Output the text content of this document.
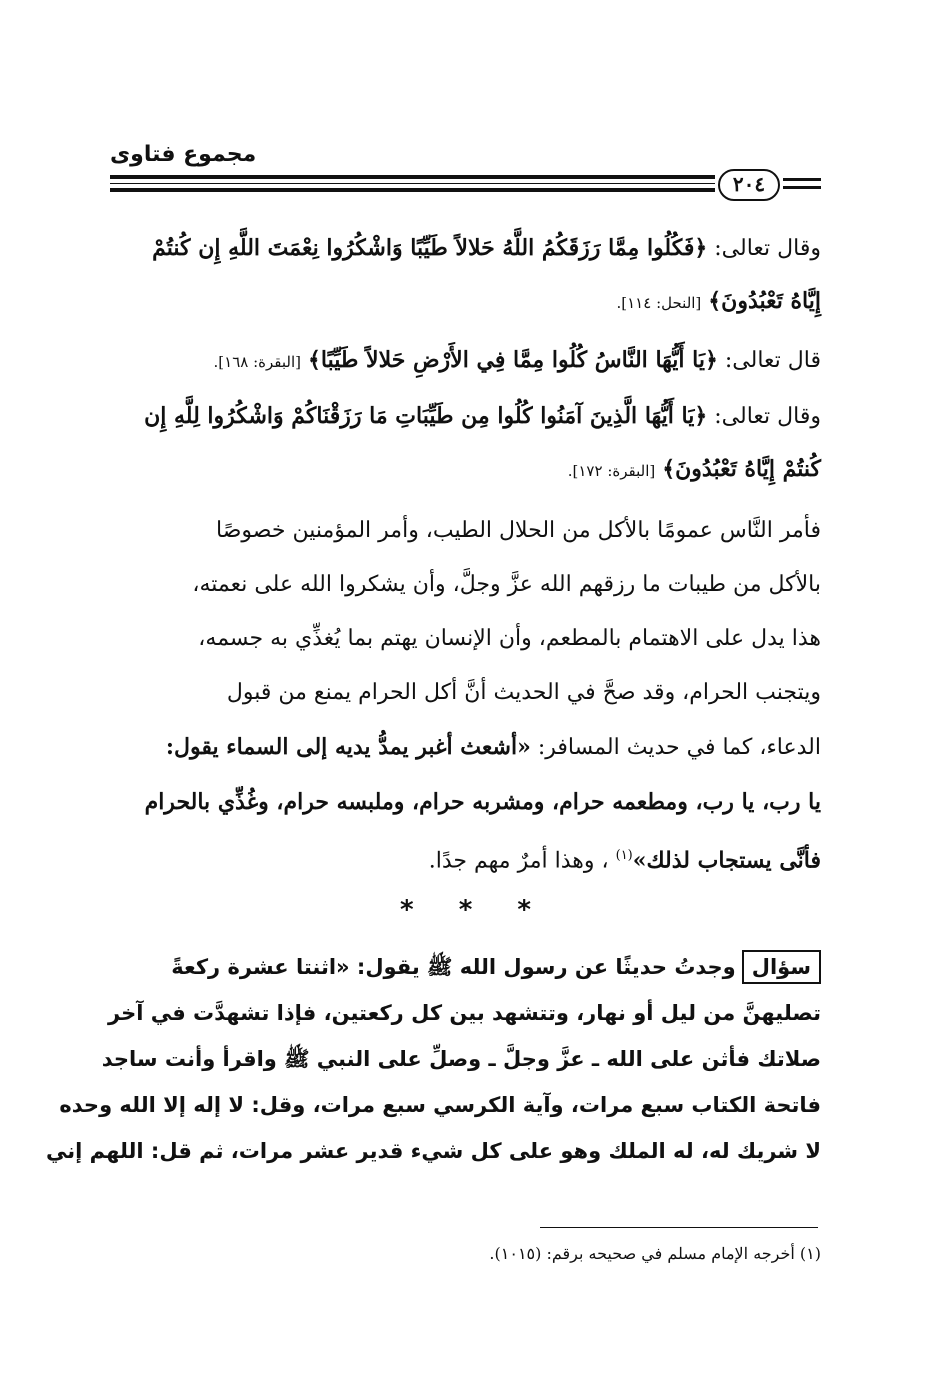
مجموع فتاوى
٢٠٤
وقال تعالى: ﴿فَكُلُوا مِمَّا رَزَقَكُمُ اللَّهُ حَلالاً طَيِّبًا وَاشْكُرُوا نِعْمَتَ اللَّهِ إِن كُنتُمْ
إِيَّاهُ تَعْبُدُونَ﴾ [النحل: ١١٤].
قال تعالى: ﴿يَا أَيُّهَا النَّاسُ كُلُوا مِمَّا فِي الأَرْضِ حَلالاً طَيِّبًا﴾ [البقرة: ١٦٨].
وقال تعالى: ﴿يَا أَيُّهَا الَّذِينَ آمَنُوا كُلُوا مِن طَيِّبَاتِ مَا رَزَقْنَاكُمْ وَاشْكُرُوا لِلَّهِ إِن
كُنتُمْ إِيَّاهُ تَعْبُدُونَ﴾ [البقرة: ١٧٢].
فأمر النَّاس عمومًا بالأكل من الحلال الطيب، وأمر المؤمنين خصوصًا
بالأكل من طيبات ما رزقهم الله عزَّ وجلَّ، وأن يشكروا الله على نعمته،
هذا يدل على الاهتمام بالمطعم، وأن الإنسان يهتم بما يُغذِّي به جسمه،
ويتجنب الحرام، وقد صحَّ في الحديث أنَّ أكل الحرام يمنع من قبول
الدعاء، كما في حديث المسافر: «أشعث أغبر يمدُّ يديه إلى السماء يقول:
يا رب، يا رب، ومطعمه حرام، ومشربه حرام، وملبسه حرام، وغُذِّي بالحرام
فأنَّى يستجاب لذلك»$^{(١)}$ ، وهذا أمرٌ مهم جدًا.
* * *
سؤالوجدتُ حديثًا عن رسول الله ﷺ يقول: «اثنتا عشرة ركعةً
تصليهنَّ من ليل أو نهار، وتتشهد بين كل ركعتين، فإذا تشهدَّت في آخر
صلاتك فأثن على الله ـ عزَّ وجلَّ ـ وصلِّ على النبي ﷺ واقرأ وأنت ساجد
فاتحة الكتاب سبع مرات، وآية الكرسي سبع مرات، وقل: لا إله إلا الله وحده
لا شريك له، له الملك وهو على كل شيء قدير عشر مرات، ثم قل: اللهم إني
(١) أخرجه الإمام مسلم في صحيحه برقم: (١٠١٥).
